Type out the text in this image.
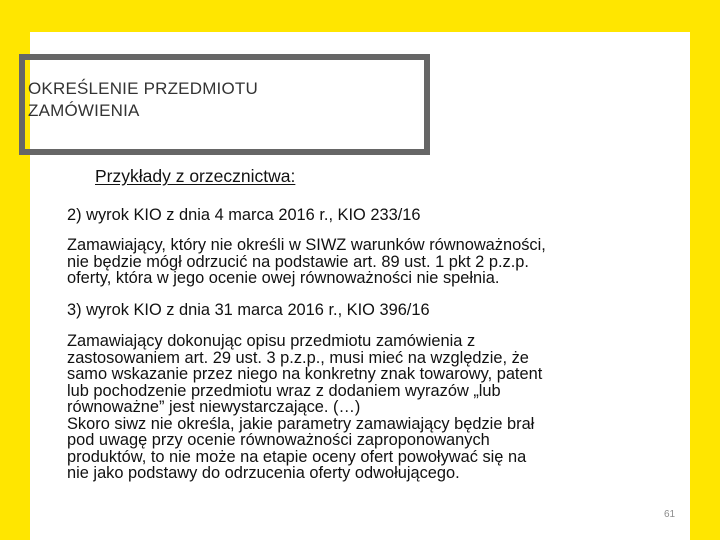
OKREŚLENIE PRZEDMIOTU
ZAMÓWIENIA
Przykłady z orzecznictwa:

2) wyrok KIO z dnia 4 marca 2016 r., KIO 233/16

Zamawiający, który nie określi w SIWZ warunków równoważności,
nie będzie mógł odrzucić na podstawie art. 89 ust. 1 pkt 2 p.z.p.
oferty, która w jego ocenie owej równoważności nie spełnia.

3) wyrok KIO z dnia 31 marca 2016 r., KIO 396/16

Zamawiający dokonując opisu przedmiotu zamówienia z
zastosowaniem art. 29 ust. 3 p.z.p., musi mieć na względzie, że
samo wskazanie przez niego na konkretny znak towarowy, patent
lub pochodzenie przedmiotu wraz z dodaniem wyrazów „lub
równoważne” jest niewystarczające. (…)
Skoro siwz nie określa, jakie parametry zamawiający będzie brał
pod uwagę przy ocenie równoważności zaproponowanych
produktów, to nie może na etapie oceny ofert powoływać się na
nie jako podstawy do odrzucenia oferty odwołującego.

61
